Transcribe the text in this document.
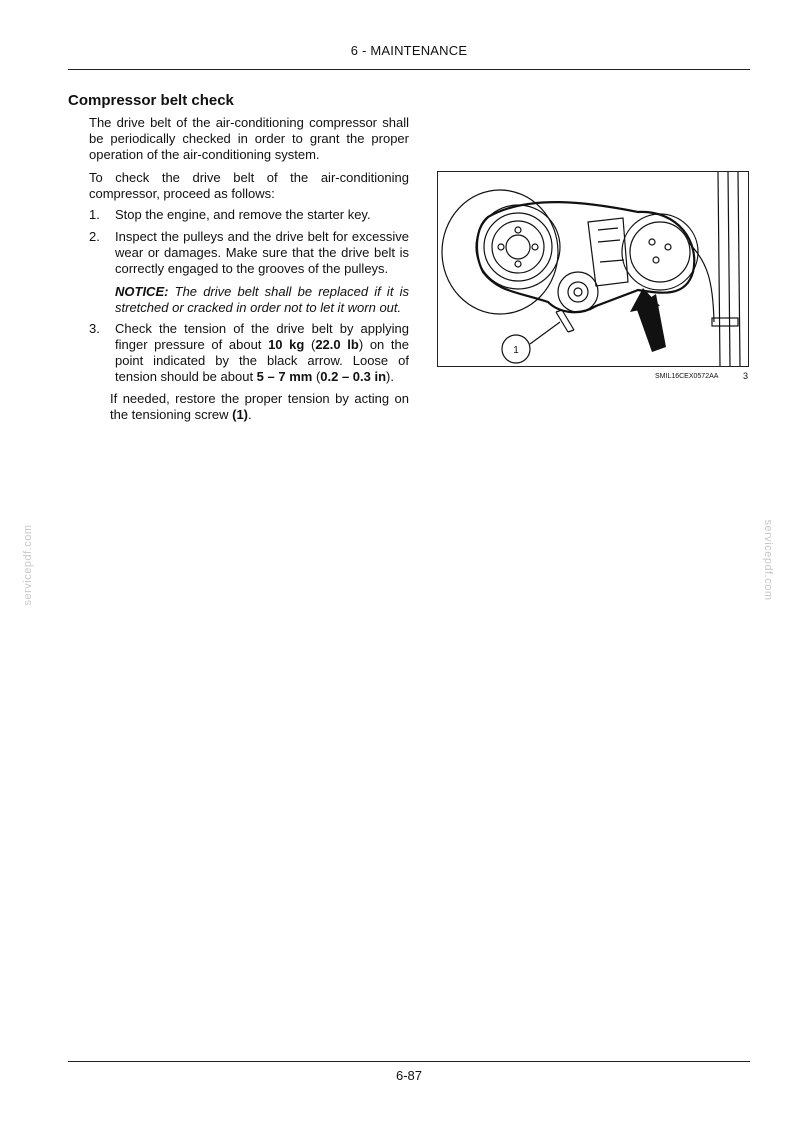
6 - MAINTENANCE
Compressor belt check
The drive belt of the air-conditioning compressor shall be periodically checked in order to grant the proper operation of the air-conditioning system.
To check the drive belt of the air-conditioning compressor, proceed as follows:
1. Stop the engine, and remove the starter key.
2. Inspect the pulleys and the drive belt for excessive wear or damages. Make sure that the drive belt is correctly engaged to the grooves of the pulleys.
NOTICE: The drive belt shall be replaced if it is stretched or cracked in order not to let it worn out.
3. Check the tension of the drive belt by applying finger pressure of about 10 kg (22.0 lb) on the point indicated by the black arrow. Loose of tension should be about 5 – 7 mm (0.2 – 0.3 in).
If needed, restore the proper tension by acting on the tensioning screw (1).
1
SMIL16CEX0572AA	3
servicepdf.com	servicepdf.com
6-87
